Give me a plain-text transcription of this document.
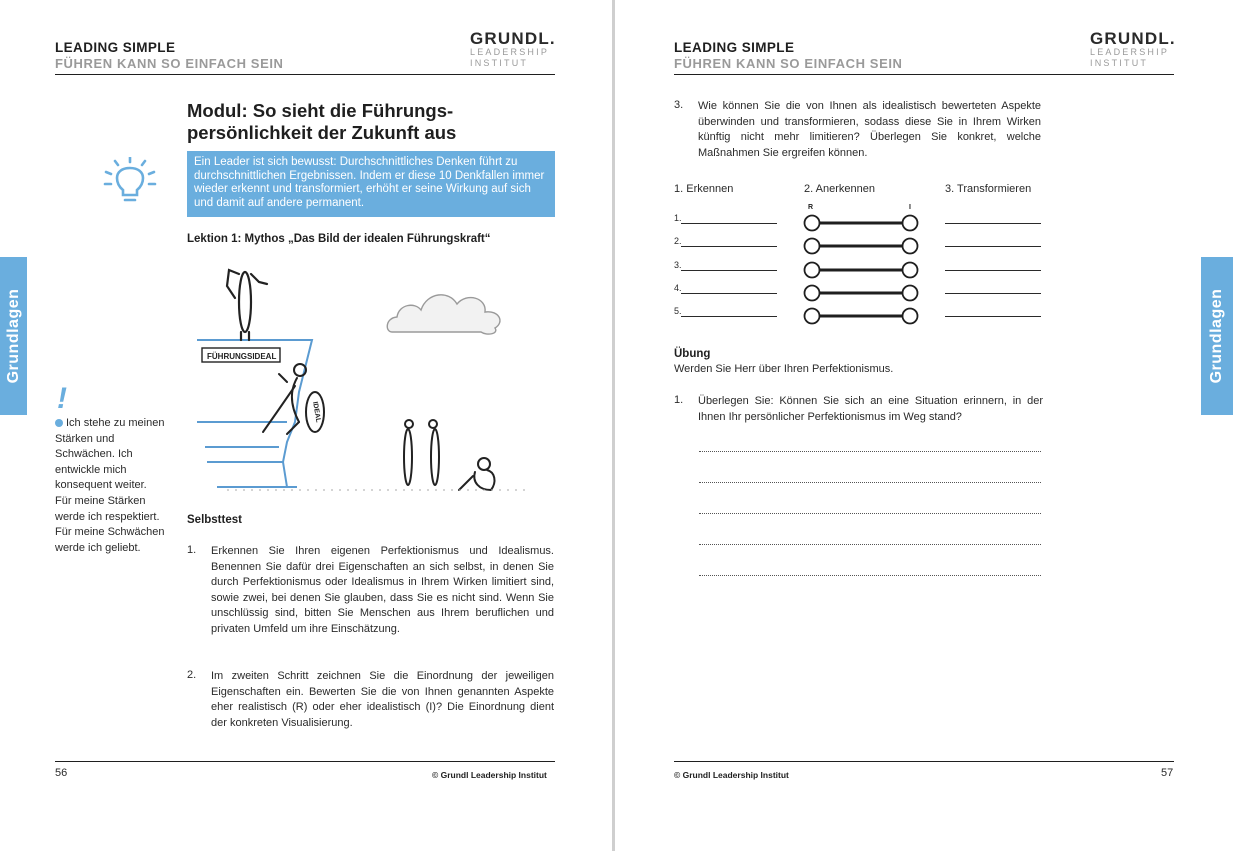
LEADING SIMPLE
FÜHREN KANN SO EINFACH SEIN
GRUNDL.
LEADERSHIP
INSTITUT
Grundlagen
Modul: So sieht die Führungs-
persönlichkeit der Zukunft aus
Ein Leader ist sich bewusst: Durchschnittliches Denken führt zu durchschnittlichen Ergebnissen. Indem er diese 10 Denkfallen immer wieder erkennt und transformiert, erhöht er seine Wirkung auf sich und damit auf andere permanent.
Lektion 1: Mythos „Das Bild der idealen Führungskraft“
FÜHRUNGSIDEAL
IDEAL
!
Ich stehe zu meinen Stärken und Schwächen. Ich entwickle mich konsequent weiter. Für meine Stärken werde ich respektiert. Für meine Schwächen werde ich geliebt.
Selbsttest
1. Erkennen Sie Ihren eigenen Perfektionismus und Idealismus. Benennen Sie dafür drei Eigenschaften an sich selbst, in denen Sie durch Perfektionismus oder Idealismus in Ihrem Wirken limitiert sind, sowie zwei, bei denen Sie glauben, dass Sie es nicht sind. Wenn Sie unschlüssig sind, bitten Sie Menschen aus Ihrem beruflichen und privaten Umfeld um ihre Einschätzung.
2. Im zweiten Schritt zeichnen Sie die Einordnung der jeweiligen Eigenschaften ein. Bewerten Sie die von Ihnen genannten Aspekte eher realistisch (R) oder eher idealistisch (I)? Die Einordnung dient der konkreten Visualisierung.
56	© Grundl Leadership Institut
LEADING SIMPLE
FÜHREN KANN SO EINFACH SEIN
GRUNDL.
LEADERSHIP
INSTITUT
Grundlagen
3. Wie können Sie die von Ihnen als idealistisch bewerteten Aspekte überwinden und transformieren, sodass diese Sie in Ihrem Wirken künftig nicht mehr limitieren? Überlegen Sie konkret, welche Maßnahmen Sie ergreifen können.
1. Erkennen	2. Anerkennen	3. Transformieren
R	I
Übung
Werden Sie Herr über Ihren Perfektionismus.
1. Überlegen Sie: Können Sie sich an eine Situation erinnern, in der Ihnen Ihr persönlicher Perfektionismus im Weg stand?
© Grundl Leadership Institut	57
1.
2.
3.
4.
5.
